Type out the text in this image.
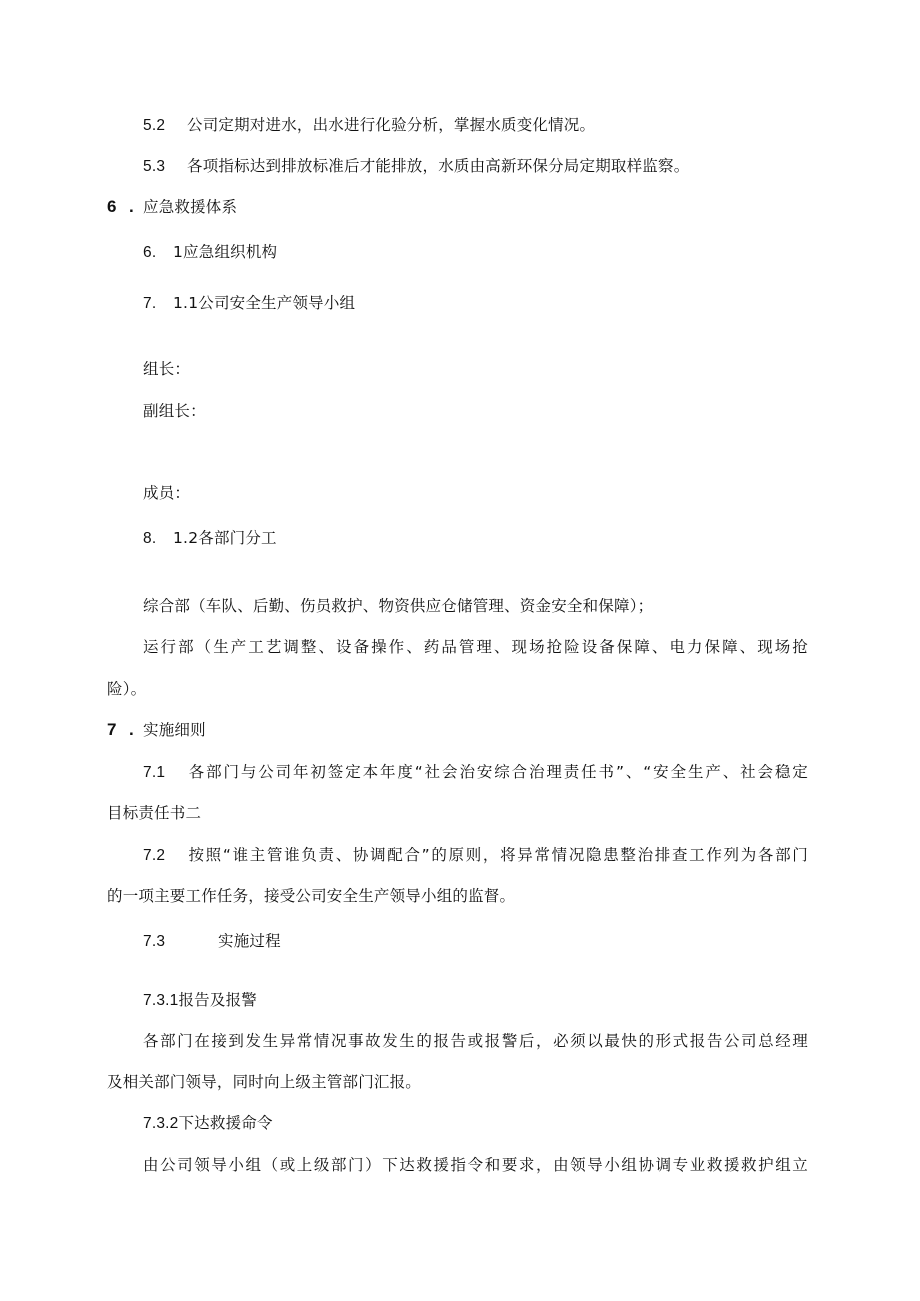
5.2 公司定期对进水，出水进行化验分析，掌握水质变化情况。
5.3 各项指标达到排放标准后才能排放，水质由高新环保分局定期取样监察。
6 . 应急救援体系
6. 1应急组织机构
7. 1.1公司安全生产领导小组
组长：
副组长：
成员：
8. 1.2各部门分工
综合部（车队、后勤、伤员救护、物资供应仓储管理、资金安全和保障）；
运行部（生产工艺调整、设备操作、药品管理、现场抢险设备保障、电力保障、现场抢
险）。
7 . 实施细则
7.1 各部门与公司年初签定本年度“社会治安综合治理责任书”、“安全生产、社会稳定
目标责任书二
7.2 按照“谁主管谁负责、协调配合”的原则，将异常情况隐患整治排查工作列为各部门
的一项主要工作任务，接受公司安全生产领导小组的监督。
7.3	实施过程
7.3.1报告及报警
各部门在接到发生异常情况事故发生的报告或报警后，必须以最快的形式报告公司总经理
及相关部门领导，同时向上级主管部门汇报。
7.3.2下达救援命令
由公司领导小组（或上级部门）下达救援指令和要求，由领导小组协调专业救援救护组立
